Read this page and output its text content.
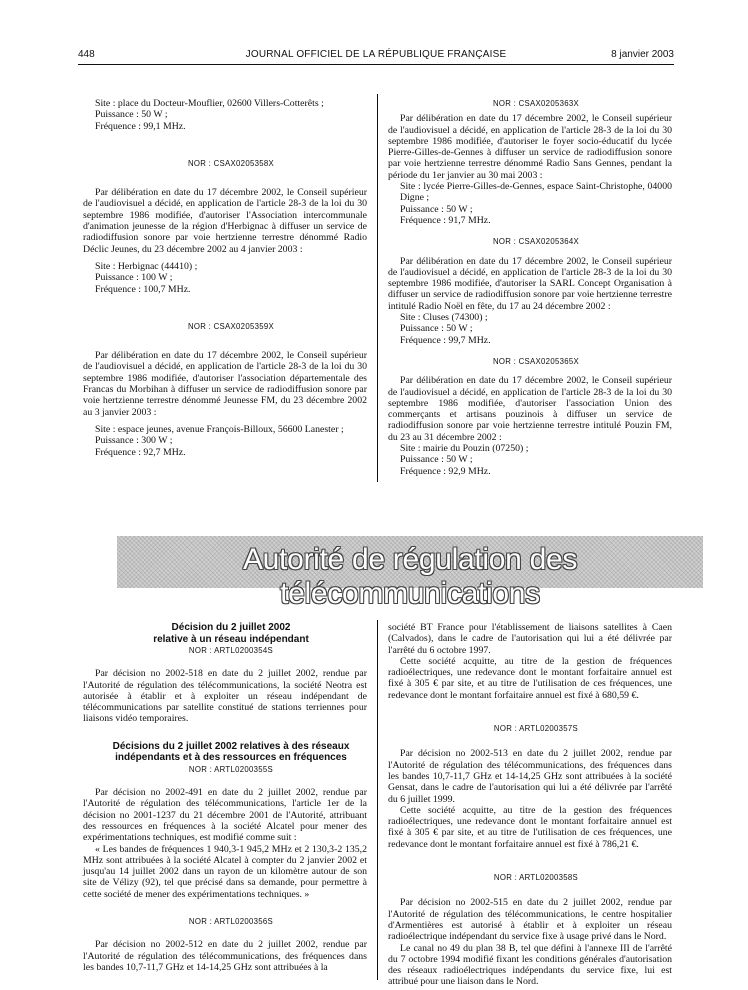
448	JOURNAL OFFICIEL DE LA RÉPUBLIQUE FRANÇAISE	8 janvier 2003
Site : place du Docteur-Mouflier, 02600 Villers-Cotterêts ;
Puissance : 50 W ;
Fréquence : 99,1 MHz.

NOR : CSAX0205358X

Par délibération en date du 17 décembre 2002, le Conseil supérieur de l'audiovisuel a décidé, en application de l'article 28-3 de la loi du 30 septembre 1986 modifiée, d'autoriser l'Association intercommunale d'animation jeunesse de la région d'Herbignac à diffuser un service de radiodiffusion sonore par voie hertzienne terrestre dénommé Radio Déclic Jeunes, du 23 décembre 2002 au 4 janvier 2003 :

Site : Herbignac (44410) ;
Puissance : 100 W ;
Fréquence : 100,7 MHz.

NOR : CSAX0205359X

Par délibération en date du 17 décembre 2002, le Conseil supérieur de l'audiovisuel a décidé, en application de l'article 28-3 de la loi du 30 septembre 1986 modifiée, d'autoriser l'association départementale des Francas du Morbihan à diffuser un service de radiodiffusion sonore par voie hertzienne terrestre dénommé Jeunesse FM, du 23 décembre 2002 au 3 janvier 2003 :

Site : espace jeunes, avenue François-Billoux, 56600 Lanester ;
Puissance : 300 W ;
Fréquence : 92,7 MHz.

NOR : CSAX0205363X

Par délibération en date du 17 décembre 2002, le Conseil supérieur de l'audiovisuel a décidé, en application de l'article 28-3 de la loi du 30 septembre 1986 modifiée, d'autoriser le foyer socio-éducatif du lycée Pierre-Gilles-de-Gennes à diffuser un service de radiodiffusion sonore par voie hertzienne terrestre dénommé Radio Sans Gennes, pendant la période du 1er janvier au 30 mai 2003 :

Site : lycée Pierre-Gilles-de-Gennes, espace Saint-Christophe, 04000 Digne ;
Puissance : 50 W ;
Fréquence : 91,7 MHz.

NOR : CSAX0205364X

Par délibération en date du 17 décembre 2002, le Conseil supérieur de l'audiovisuel a décidé, en application de l'article 28-3 de la loi du 30 septembre 1986 modifiée, d'autoriser la SARL Concept Organisation à diffuser un service de radiodiffusion sonore par voie hertzienne terrestre intitulé Radio Noël en fête, du 17 au 24 décembre 2002 :

Site : Cluses (74300) ;
Puissance : 50 W ;
Fréquence : 99,7 MHz.

NOR : CSAX0205365X

Par délibération en date du 17 décembre 2002, le Conseil supérieur de l'audiovisuel a décidé, en application de l'article 28-3 de la loi du 30 septembre 1986 modifiée, d'autoriser l'association Union des commerçants et artisans pouzinois à diffuser un service de radiodiffusion sonore par voie hertzienne terrestre intitulé Pouzin FM, du 23 au 31 décembre 2002 :

Site : mairie du Pouzin (07250) ;
Puissance : 50 W ;
Fréquence : 92,9 MHz.
Autorité de régulation des télécommunications

Décision du 2 juillet 2002

relative à un réseau indépendant

NOR : ARTL0200354S

Par décision no 2002-518 en date du 2 juillet 2002, rendue par l'Autorité de régulation des télécommunications, la société Neotra est autorisée à établir et à exploiter un réseau indépendant de télécommunications par satellite constitué de stations terriennes pour liaisons vidéo temporaires.

Décisions du 2 juillet 2002 relatives à des réseaux

indépendants et à des ressources en fréquences

NOR : ARTL0200355S

Par décision no 2002-491 en date du 2 juillet 2002, rendue par l'Autorité de régulation des télécommunications, l'article 1er de la décision no 2001-1237 du 21 décembre 2001 de l'Autorité, attribuant des ressources en fréquences à la société Alcatel pour mener des expérimentations techniques, est modifié comme suit :

« Les bandes de fréquences 1 940,3-1 945,2 MHz et 2 130,3-2 135,2 MHz sont attribuées à la société Alcatel à compter du 2 janvier 2002 et jusqu'au 14 juillet 2002 dans un rayon de un kilomètre autour de son site de Vélizy (92), tel que précisé dans sa demande, pour permettre à cette société de mener des expérimentations techniques. »

NOR : ARTL0200356S

Par décision no 2002-512 en date du 2 juillet 2002, rendue par l'Autorité de régulation des télécommunications, des fréquences dans les bandes 10,7-11,7 GHz et 14-14,25 GHz sont attribuées à la

société BT France pour l'établissement de liaisons satellites à Caen (Calvados), dans le cadre de l'autorisation qui lui a été délivrée par l'arrêté du 6 octobre 1997.

Cette société acquitte, au titre de la gestion de fréquences radioélectriques, une redevance dont le montant forfaitaire annuel est fixé à 305 € par site, et au titre de l'utilisation de ces fréquences, une redevance dont le montant forfaitaire annuel est fixé à 680,59 €.

NOR : ARTL0200357S

Par décision no 2002-513 en date du 2 juillet 2002, rendue par l'Autorité de régulation des télécommunications, des fréquences dans les bandes 10,7-11,7 GHz et 14-14,25 GHz sont attribuées à la société Gensat, dans le cadre de l'autorisation qui lui a été délivrée par l'arrêté du 6 juillet 1999.

Cette société acquitte, au titre de la gestion des fréquences radioélectriques, une redevance dont le montant forfaitaire annuel est fixé à 305 € par site, et au titre de l'utilisation de ces fréquences, une redevance dont le montant forfaitaire annuel est fixé à 786,21 €.

NOR : ARTL0200358S

Par décision no 2002-515 en date du 2 juillet 2002, rendue par l'Autorité de régulation des télécommunications, le centre hospitalier d'Armentières est autorisé à établir et à exploiter un réseau radioélectrique indépendant du service fixe à usage privé dans le Nord.

Le canal no 49 du plan 38 B, tel que défini à l'annexe III de l'arrêté du 7 octobre 1994 modifié fixant les conditions générales d'autorisation des réseaux radioélectriques indépendants du service fixe, lui est attribué pour une liaison dans le Nord.
